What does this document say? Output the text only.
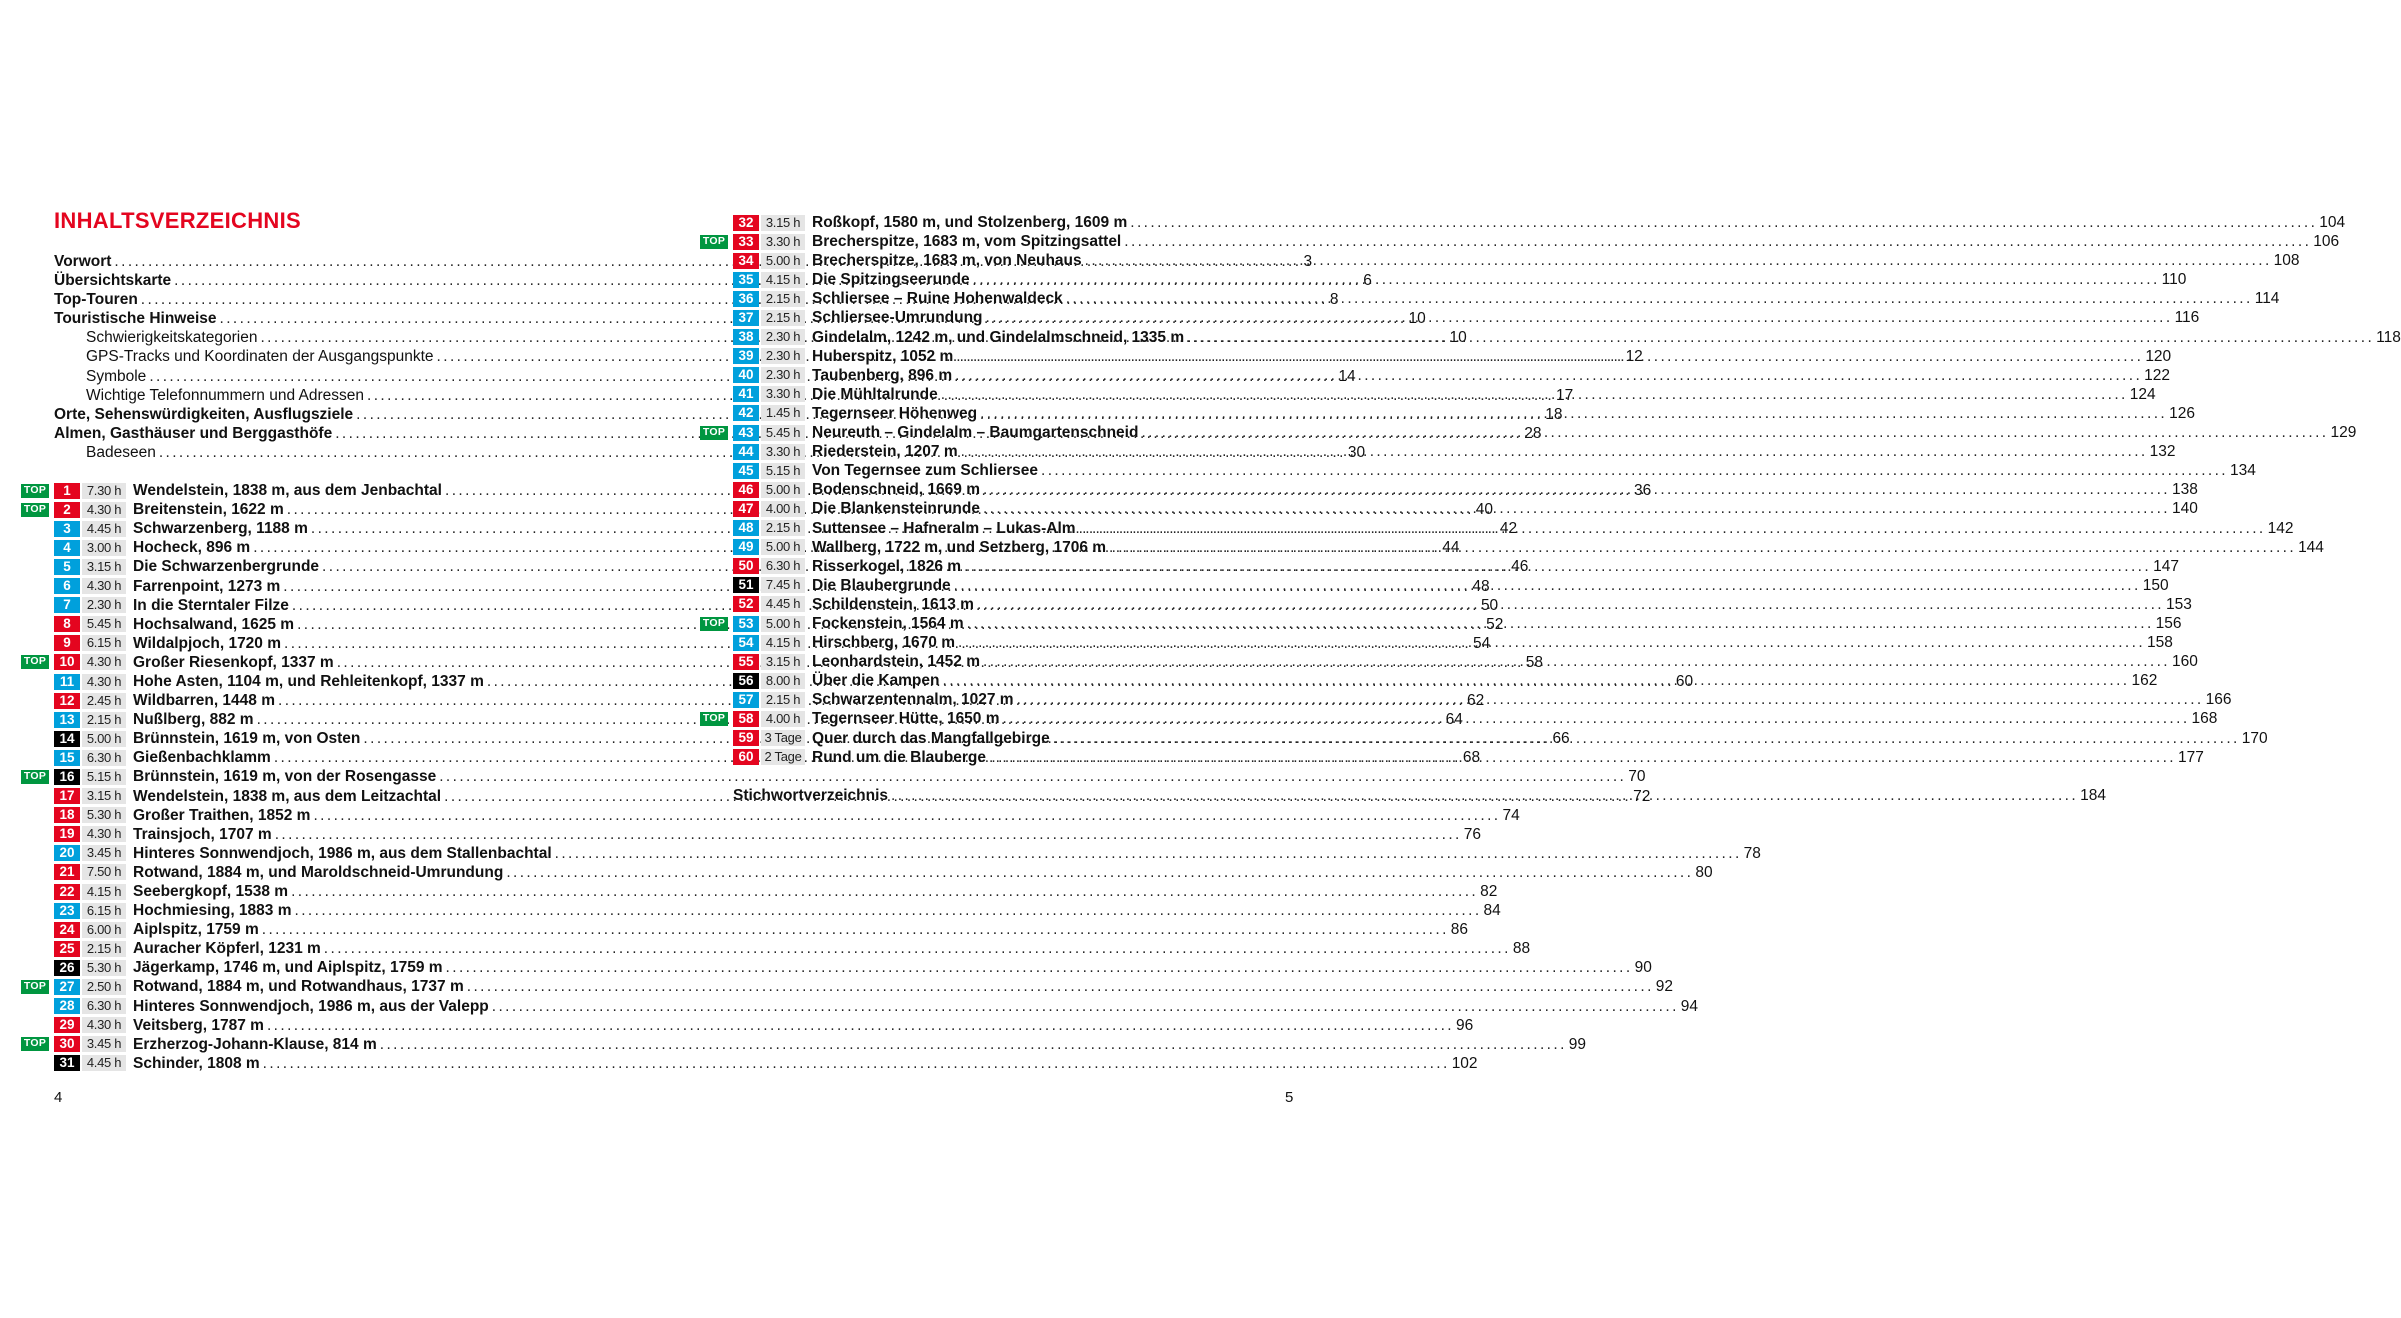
INHALTSVERZEICHNIS
Vorwort .....	3
Übersichtskarte .....	6
Top-Touren .....	8
Touristische Hinweise .....	10
Schwierigkeitskategorien .....	10
GPS-Tracks und Koordinaten der Ausgangspunkte .....	12
Symbole .....	14
Wichtige Telefonnummern und Adressen .....	17
Orte, Sehenswürdigkeiten, Ausflugsziele .....	18
Almen, Gasthäuser und Berggasthöfe .....	28
Badeseen .....	30
TOP	1	7.30 h Wendelstein, 1838 m, aus dem Jenbachtal .....	36
TOP	2	4.30 h Breitenstein, 1622 m .....	40
3	4.45 h Schwarzenberg, 1188 m .....	42
4	3.00 h Hocheck, 896 m .....	44
5	3.15 h Die Schwarzenbergrunde .....	46
6	4.30 h Farrenpoint, 1273 m .....	48
7	2.30 h In die Sterntaler Filze .....	50
8	5.45 h Hochsalwand, 1625 m .....	52
9	6.15 h Wildalpjoch, 1720 m .....	54
TOP 10 4.30 h Großer Riesenkopf, 1337 m .....	58
11 4.30 h Hohe Asten, 1104 m, und Rehleitenkopf, 1337 m .....	60
12 2.45 h Wildbarren, 1448 m .....	62
13 2.15 h Nußlberg, 882 m .....	64
14 5.00 h Brünnstein, 1619 m, von Osten .....	66
15 6.30 h Gießenbachklamm .....	68
TOP 16 5.15 h Brünnstein, 1619 m, von der Rosengasse .....	70
17 3.15 h Wendelstein, 1838 m, aus dem Leitzachtal .....	72
18 5.30 h Großer Traithen, 1852 m .....	74
19 4.30 h Trainsjoch, 1707 m .....	76
20 3.45 h Hinteres Sonnwendjoch, 1986 m, aus dem Stallenbachtal .....	78
21 7.50 h Rotwand, 1884 m, und Maroldschneid-Umrundung .....	80
22 4.15 h Seebergkopf, 1538 m .....	82
23 6.15 h Hochmiesing, 1883 m .....	84
24 6.00 h Aiplspitz, 1759 m .....	86
25 2.15 h Auracher Köpferl, 1231 m .....	88
26 5.30 h Jägerkamp, 1746 m, und Aiplspitz, 1759 m .....	90
TOP 27 2.50 h Rotwand, 1884 m, und Rotwandhaus, 1737 m .....	92
28 6.30 h Hinteres Sonnwendjoch, 1986 m, aus der Valepp .....	94
29 4.30 h Veitsberg, 1787 m .....	96
TOP 30 3.45 h Erzherzog-Johann-Klause, 814 m .....	99
31 4.45 h Schinder, 1808 m .....	102
32 3.15 h Roßkopf, 1580 m, und Stolzenberg, 1609 m .....	104
TOP 33 3.30 h Brecherspitze, 1683 m, vom Spitzingsattel .....	106
34 5.00 h Brecherspitze, 1683 m, von Neuhaus .....	108
35 4.15 h Die Spitzingseerunde .....	110
36 2.15 h Schliersee – Ruine Hohenwaldeck .....	114
37 2.15 h Schliersee-Umrundung .....	116
38 2.30 h Gindelalm, 1242 m, und Gindelalmschneid, 1335 m .....	118
39 2.30 h Huberspitz, 1052 m .....	120
40 2.30 h Taubenberg, 896 m .....	122
41 3.30 h Die Mühltalrunde .....	124
42 1.45 h Tegernseer Höhenweg .....	126
TOP 43 5.45 h Neureuth – Gindelalm – Baumgartenschneid .....	129
44 3.30 h Riederstein, 1207 m .....	132
45 5.15 h Von Tegernsee zum Schliersee .....	134
46 5.00 h Bodenschneid, 1669 m .....	138
47 4.00 h Die Blankensteinrunde .....	140
48 2.15 h Suttensee – Hafneralm – Lukas-Alm .....	142
49 5.00 h Wallberg, 1722 m, und Setzberg, 1706 m .....	144
50 6.30 h Risserkogel, 1826 m .....	147
51 7.45 h Die Blaubergrunde .....	150
52 4.45 h Schildenstein, 1613 m .....	153
TOP 53 5.00 h Fockenstein, 1564 m .....	156
54 4.15 h Hirschberg, 1670 m .....	158
55 3.15 h Leonhardstein, 1452 m .....	160
56 8.00 h Über die Kampen .....	162
57 2.15 h Schwarzentennalm, 1027 m .....	166
TOP 58 4.00 h Tegernseer Hütte, 1650 m .....	168
59 3 Tage Quer durch das Mangfallgebirge .....	170
60 2 Tage Rund um die Blauberge .....	177
Stichwortverzeichnis .....	184
4	5
